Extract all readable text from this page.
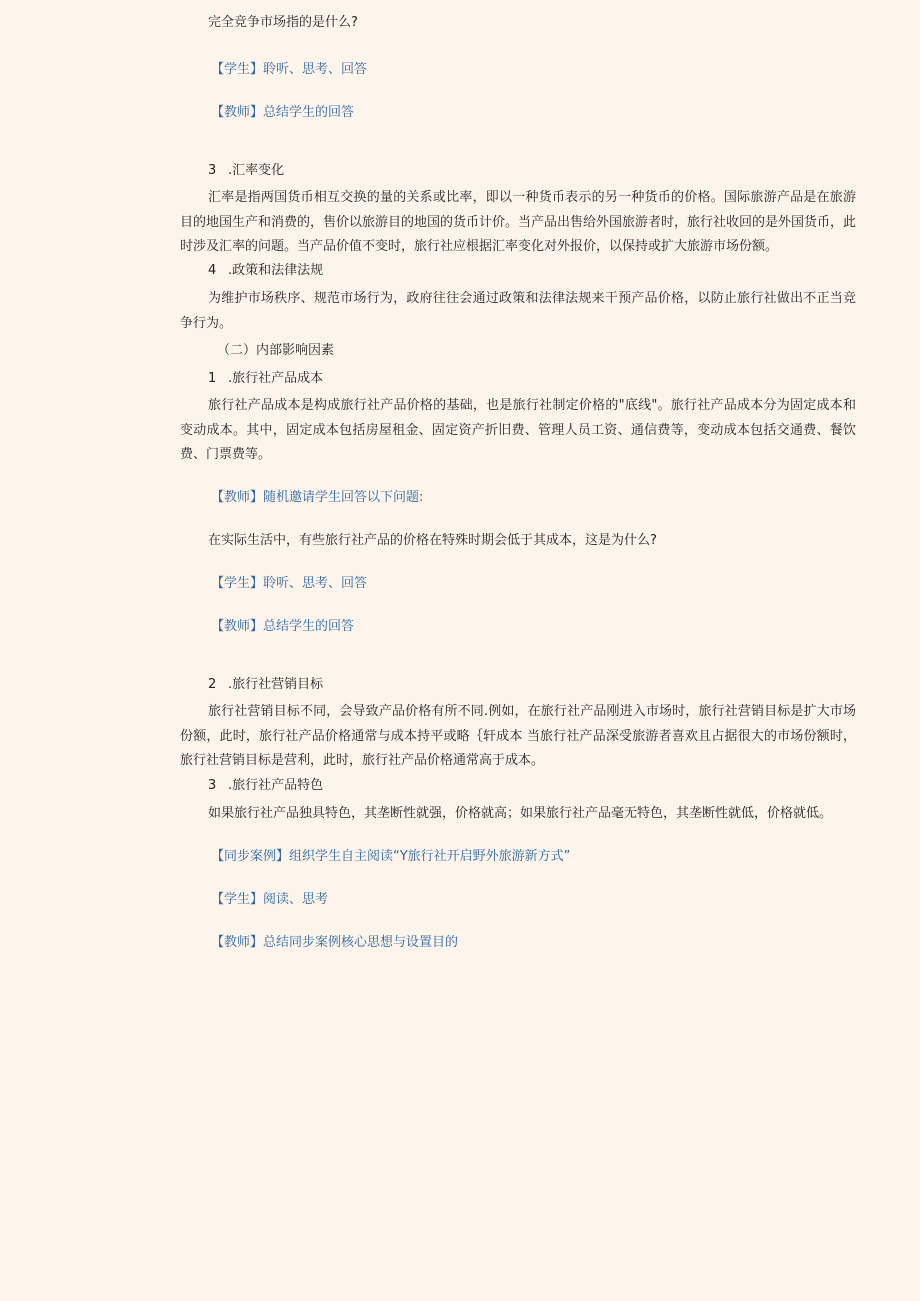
完全竞争市场指的是什么?

【学生】聆听、思考、回答

【教师】总结学生的回答

3 .汇率变化

汇率是指两国货币相互交换的量的关系或比率，即以一种货币表示的另一种货币的价格。国际旅游产品是在旅游目的地国生产和消费的，售价以旅游目的地国的货币计价。当产品出售给外国旅游者时，旅行社收回的是外国货币，此时涉及汇率的问题。当产品价值不变时，旅行社应根据汇率变化对外报价，以保持或扩大旅游市场份额。

4 .政策和法律法规

为维护市场秩序、规范市场行为，政府往往会通过政策和法律法规来干预产品价格，以防止旅行社做出不正当竞争行为。

（二）内部影响因素

1 .旅行社产品成本

旅行社产品成本是构成旅行社产品价格的基础，也是旅行社制定价格的"底线"。旅行社产品成本分为固定成本和变动成本。其中，固定成本包括房屋租金、固定资产折旧费、管理人员工资、通信费等，变动成本包括交通费、餐饮费、门票费等。

【教师】随机邀请学生回答以下问题:

在实际生活中，有些旅行社产品的价格在特殊时期会低于其成本，这是为什么?

【学生】聆听、思考、回答

【教师】总结学生的回答

2 .旅行社营销目标

旅行社营销目标不同，会导致产品价格有所不同.例如，在旅行社产品刚进入市场时，旅行社营销目标是扩大市场份额，此时，旅行社产品价格通常与成本持平或略｛轩成本 当旅行社产品深受旅游者喜欢且占据很大的市场份额时，旅行社营销目标是营利，此时，旅行社产品价格通常高于成本。

3 .旅行社产品特色

如果旅行社产品独具特色，其垄断性就强，价格就高；如果旅行社产品毫无特色，其垄断性就低，价格就低。

【同步案例】组织学生自主阅读“Y旅行社开启野外旅游新方式”

【学生】阅读、思考

【教师】总结同步案例核心思想与设置目的
